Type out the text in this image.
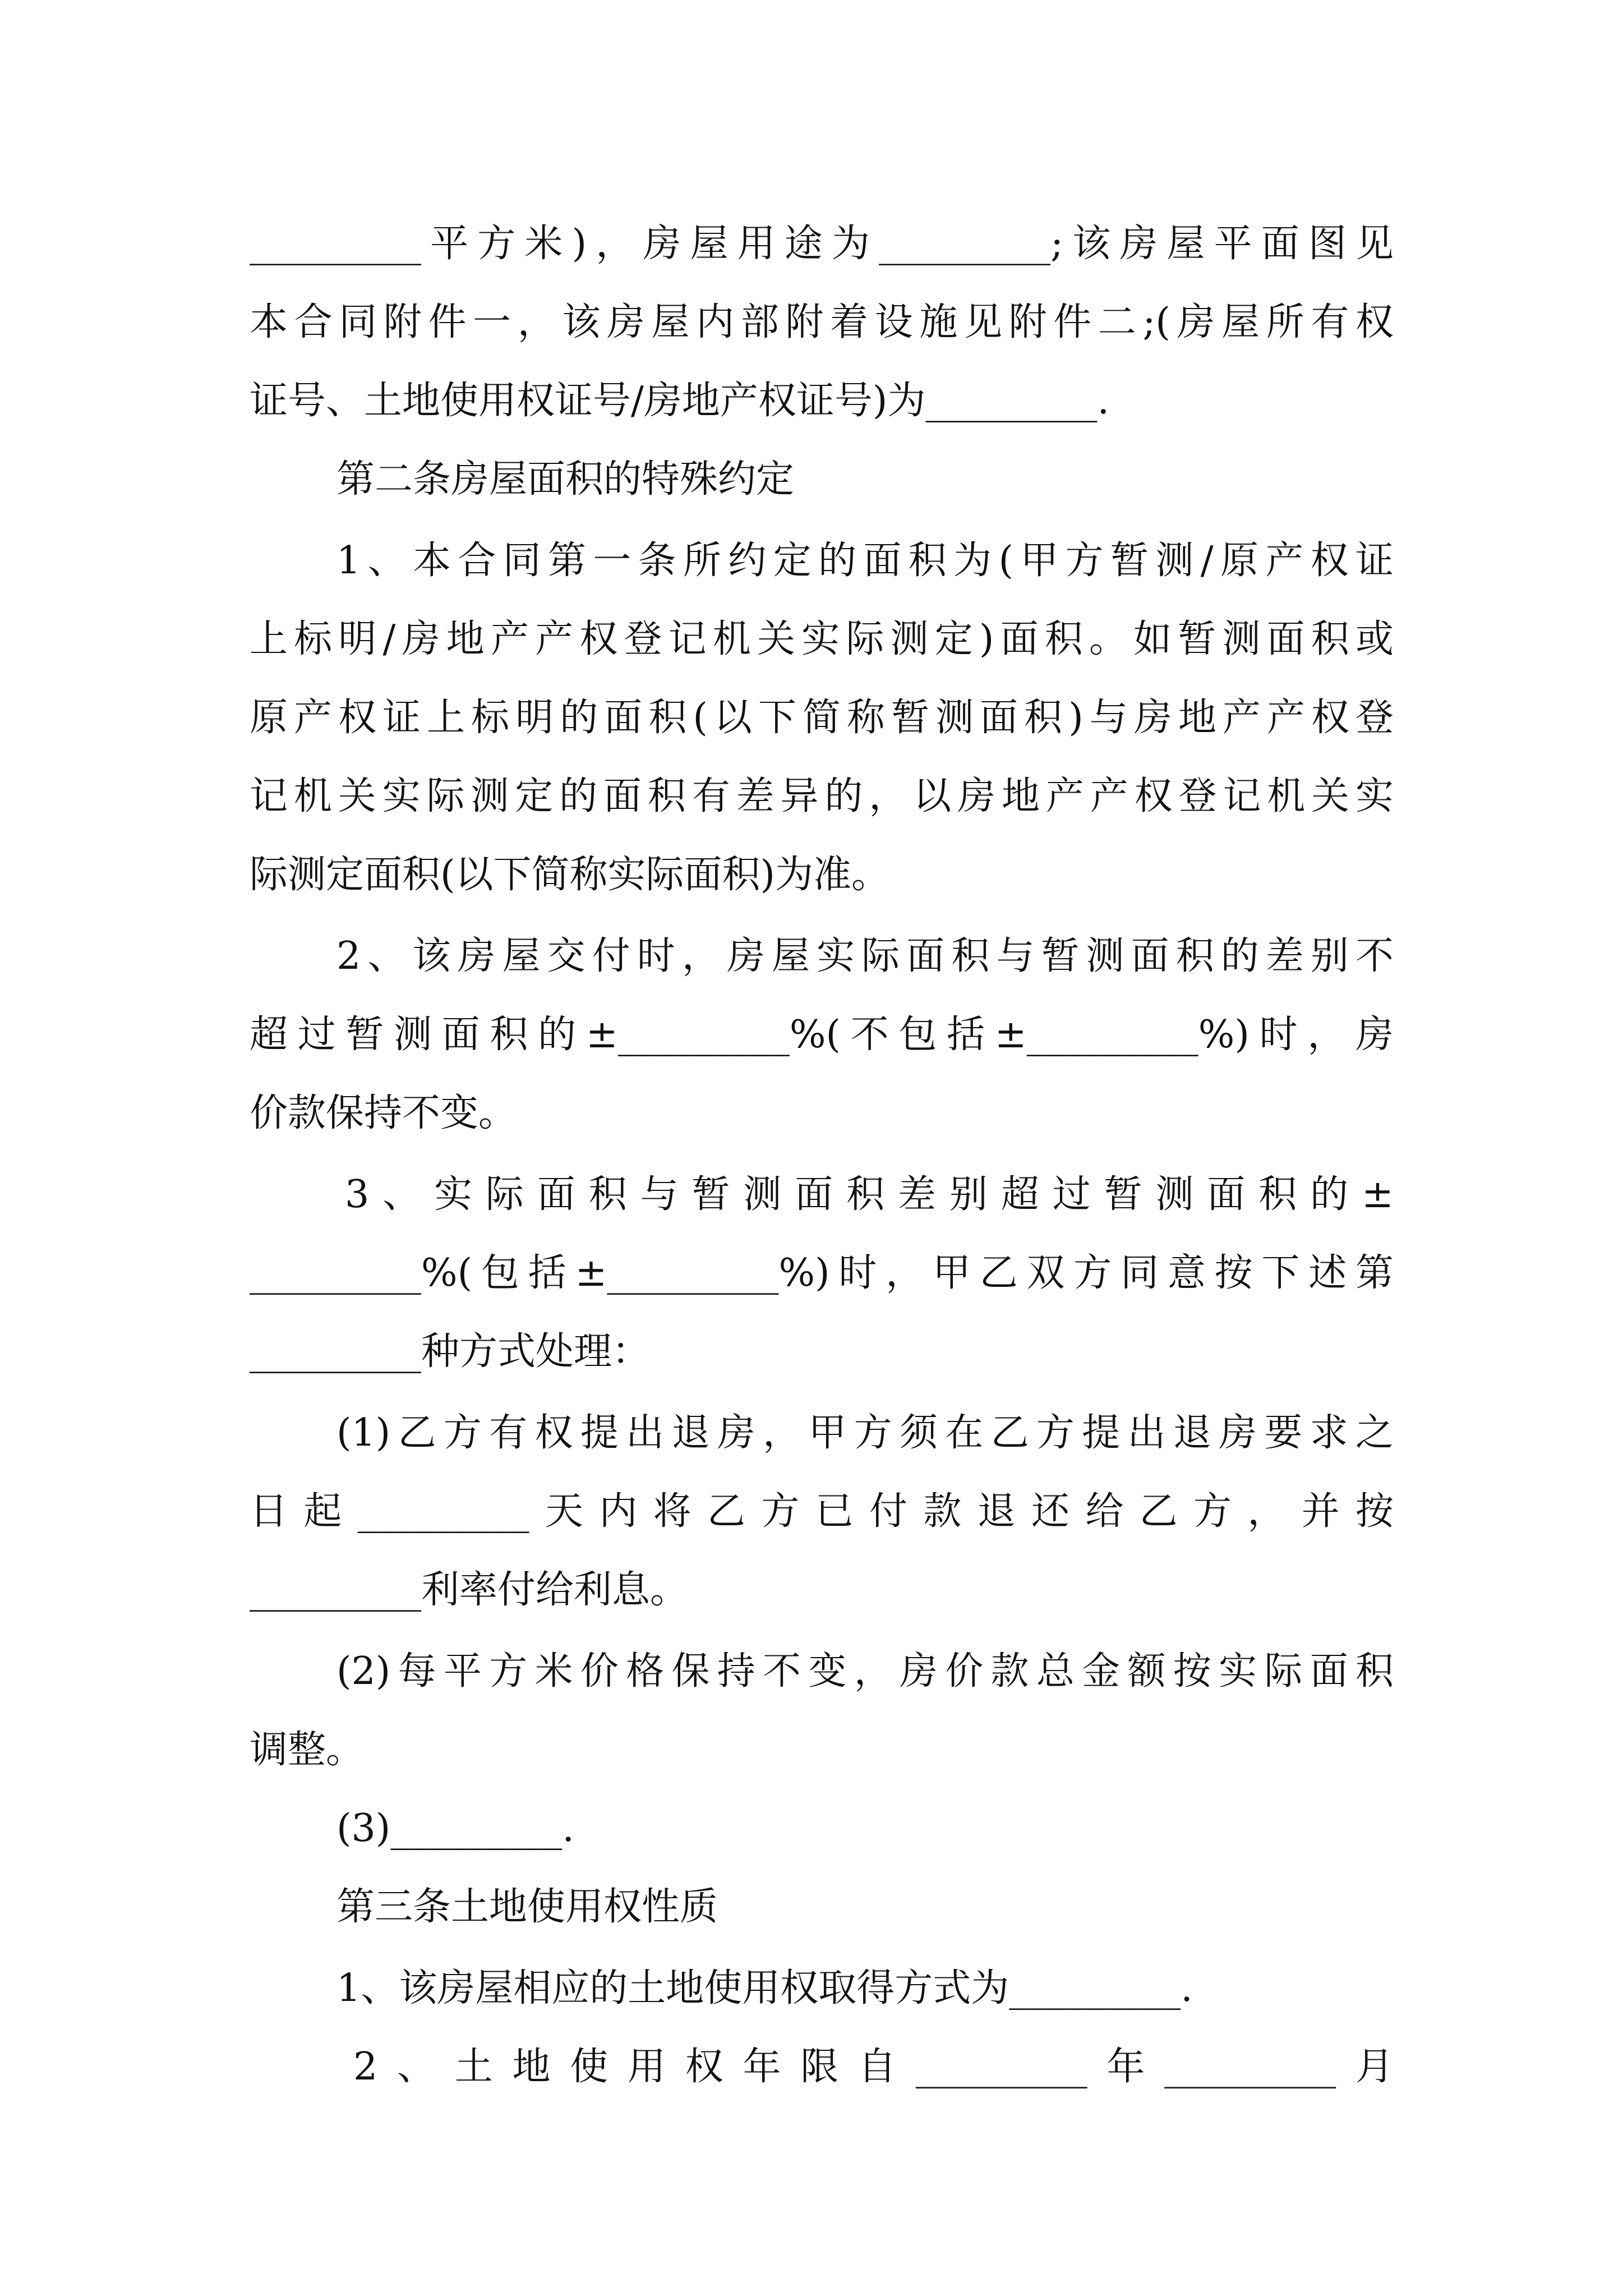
_________平方米)，房屋用途为_________;该房屋平面图见
本合同附件一，该房屋内部附着设施见附件二;(房屋所有权
证号、土地使用权证号/房地产权证号)为_________.
第二条房屋面积的特殊约定
1、本合同第一条所约定的面积为(甲方暂测/原产权证
上标明/房地产产权登记机关实际测定)面积。如暂测面积或
原产权证上标明的面积(以下简称暂测面积)与房地产产权登
记机关实际测定的面积有差异的，以房地产产权登记机关实
际测定面积(以下简称实际面积)为准。
2、该房屋交付时，房屋实际面积与暂测面积的差别不
超过暂测面积的±_________%(不包括±_________%)时，房
价款保持不变。
3、实际面积与暂测面积差别超过暂测面积的±
_________%(包括±_________%)时，甲乙双方同意按下述第
_________种方式处理：
(1)乙方有权提出退房，甲方须在乙方提出退房要求之
日起_________天内将乙方已付款退还给乙方，并按
_________利率付给利息。
(2)每平方米价格保持不变，房价款总金额按实际面积
调整。
(3)_________.
第三条土地使用权性质
1、该房屋相应的土地使用权取得方式为_________.
2、土地使用权年限自_________年_________月
